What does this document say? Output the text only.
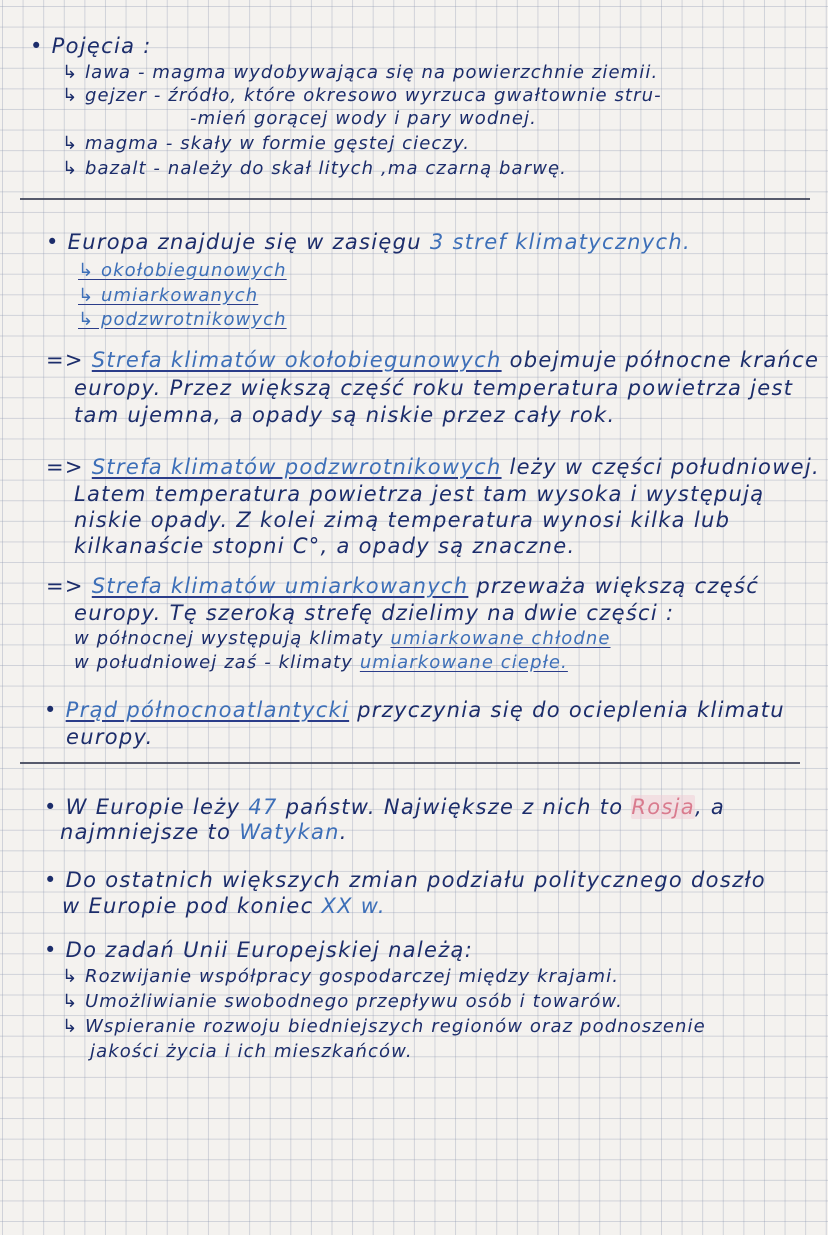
• Pojęcia :
↳ lawa - magma wydobywająca się na powierzchnie ziemii.
↳ gejzer - źródło, które okresowo wyrzuca gwałtownie stru-
-mień gorącej wody i pary wodnej.
↳ magma - skały w formie gęstej cieczy.
↳ bazalt - należy do skał litych ,ma czarną barwę.
• Europa znajduje się w zasięgu 3 stref klimatycznych.
↳ okołobiegunowych
↳ umiarkowanych
↳ podzwrotnikowych
=> Strefa klimatów okołobiegunowych obejmuje północne krańce
europy. Przez większą część roku temperatura powietrza jest
tam ujemna, a opady są niskie przez cały rok.
=> Strefa klimatów podzwrotnikowych leży w części południowej.
Latem temperatura powietrza jest tam wysoka i występują
niskie opady. Z kolei zimą temperatura wynosi kilka lub
kilkanaście stopni C°, a opady są znaczne.
=> Strefa klimatów umiarkowanych przeważa większą część
europy. Tę szeroką strefę dzielimy na dwie części :
w północnej występują klimaty umiarkowane chłodne
w południowej zaś - klimaty umiarkowane ciepłe.
• Prąd północnoatlantycki przyczynia się do ocieplenia klimatu
europy.
• W Europie leży 47 państw. Największe z nich to Rosja, a
najmniejsze to Watykan.
• Do ostatnich większych zmian podziału politycznego doszło
w Europie pod koniec XX w.
• Do zadań Unii Europejskiej należą:
↳ Rozwijanie współpracy gospodarczej między krajami.
↳ Umożliwianie swobodnego przepływu osób i towarów.
↳ Wspieranie rozwoju biedniejszych regionów oraz podnoszenie
jakości życia i ich mieszkańców.
